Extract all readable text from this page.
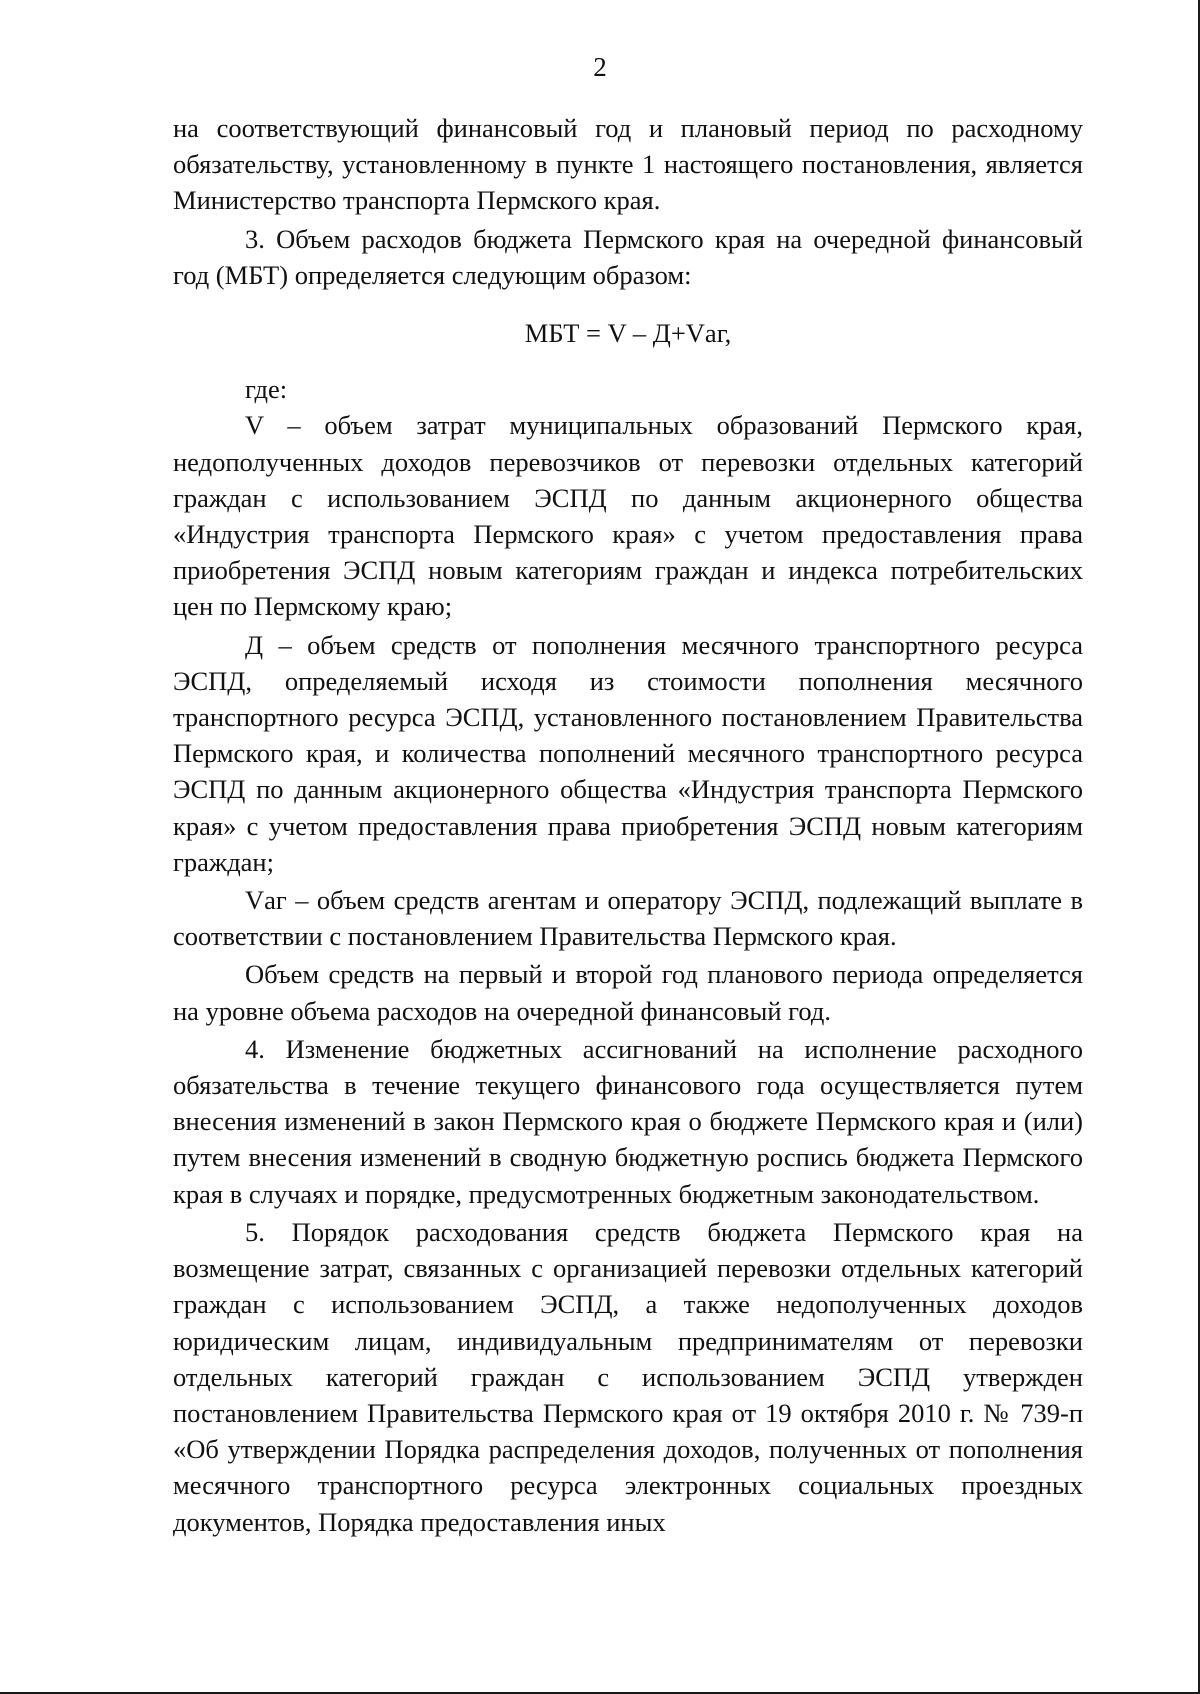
2

на соответствующий финансовый год и плановый период по расходному обязательству, установленному в пункте 1 настоящего постановления, является Министерство транспорта Пермского края.

3. Объем расходов бюджета Пермского края на очередной финансовый год (МБТ) определяется следующим образом:

МБТ = V – Д+Vаг,

где:

V – объем затрат муниципальных образований Пермского края, недополученных доходов перевозчиков от перевозки отдельных категорий граждан с использованием ЭСПД по данным акционерного общества «Индустрия транспорта Пермского края» с учетом предоставления права приобретения ЭСПД новым категориям граждан и индекса потребительских цен по Пермскому краю;

Д – объем средств от пополнения месячного транспортного ресурса ЭСПД, определяемый исходя из стоимости пополнения месячного транспортного ресурса ЭСПД, установленного постановлением Правительства Пермского края, и количества пополнений месячного транспортного ресурса ЭСПД по данным акционерного общества «Индустрия транспорта Пермского края» с учетом предоставления права приобретения ЭСПД новым категориям граждан;

Vаг – объем средств агентам и оператору ЭСПД, подлежащий выплате в соответствии с постановлением Правительства Пермского края.

Объем средств на первый и второй год планового периода определяется на уровне объема расходов на очередной финансовый год.

4. Изменение бюджетных ассигнований на исполнение расходного обязательства в течение текущего финансового года осуществляется путем внесения изменений в закон Пермского края о бюджете Пермского края и (или) путем внесения изменений в сводную бюджетную роспись бюджета Пермского края в случаях и порядке, предусмотренных бюджетным законодательством.

5. Порядок расходования средств бюджета Пермского края на возмещение затрат, связанных с организацией перевозки отдельных категорий граждан с использованием ЭСПД, а также недополученных доходов юридическим лицам, индивидуальным предпринимателям от перевозки отдельных категорий граждан с использованием ЭСПД утвержден постановлением Правительства Пермского края от 19 октября 2010 г. № 739-п «Об утверждении Порядка распределения доходов, полученных от пополнения месячного транспортного ресурса электронных социальных проездных документов, Порядка предоставления иных
